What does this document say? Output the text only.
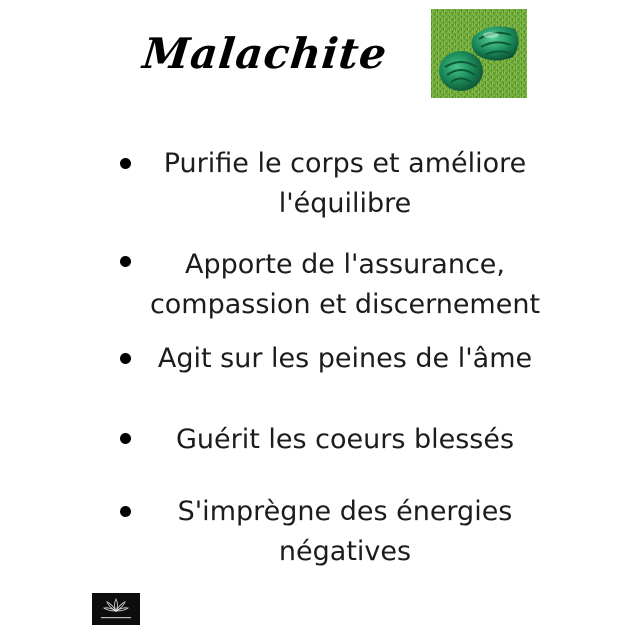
Malachite
Purifie le corps et améliore
l'équilibre
Apporte de l'assurance,
compassion et discernement
Agit sur les peines de l'âme
Guérit les coeurs blessés
S'imprègne des énergies
négatives
